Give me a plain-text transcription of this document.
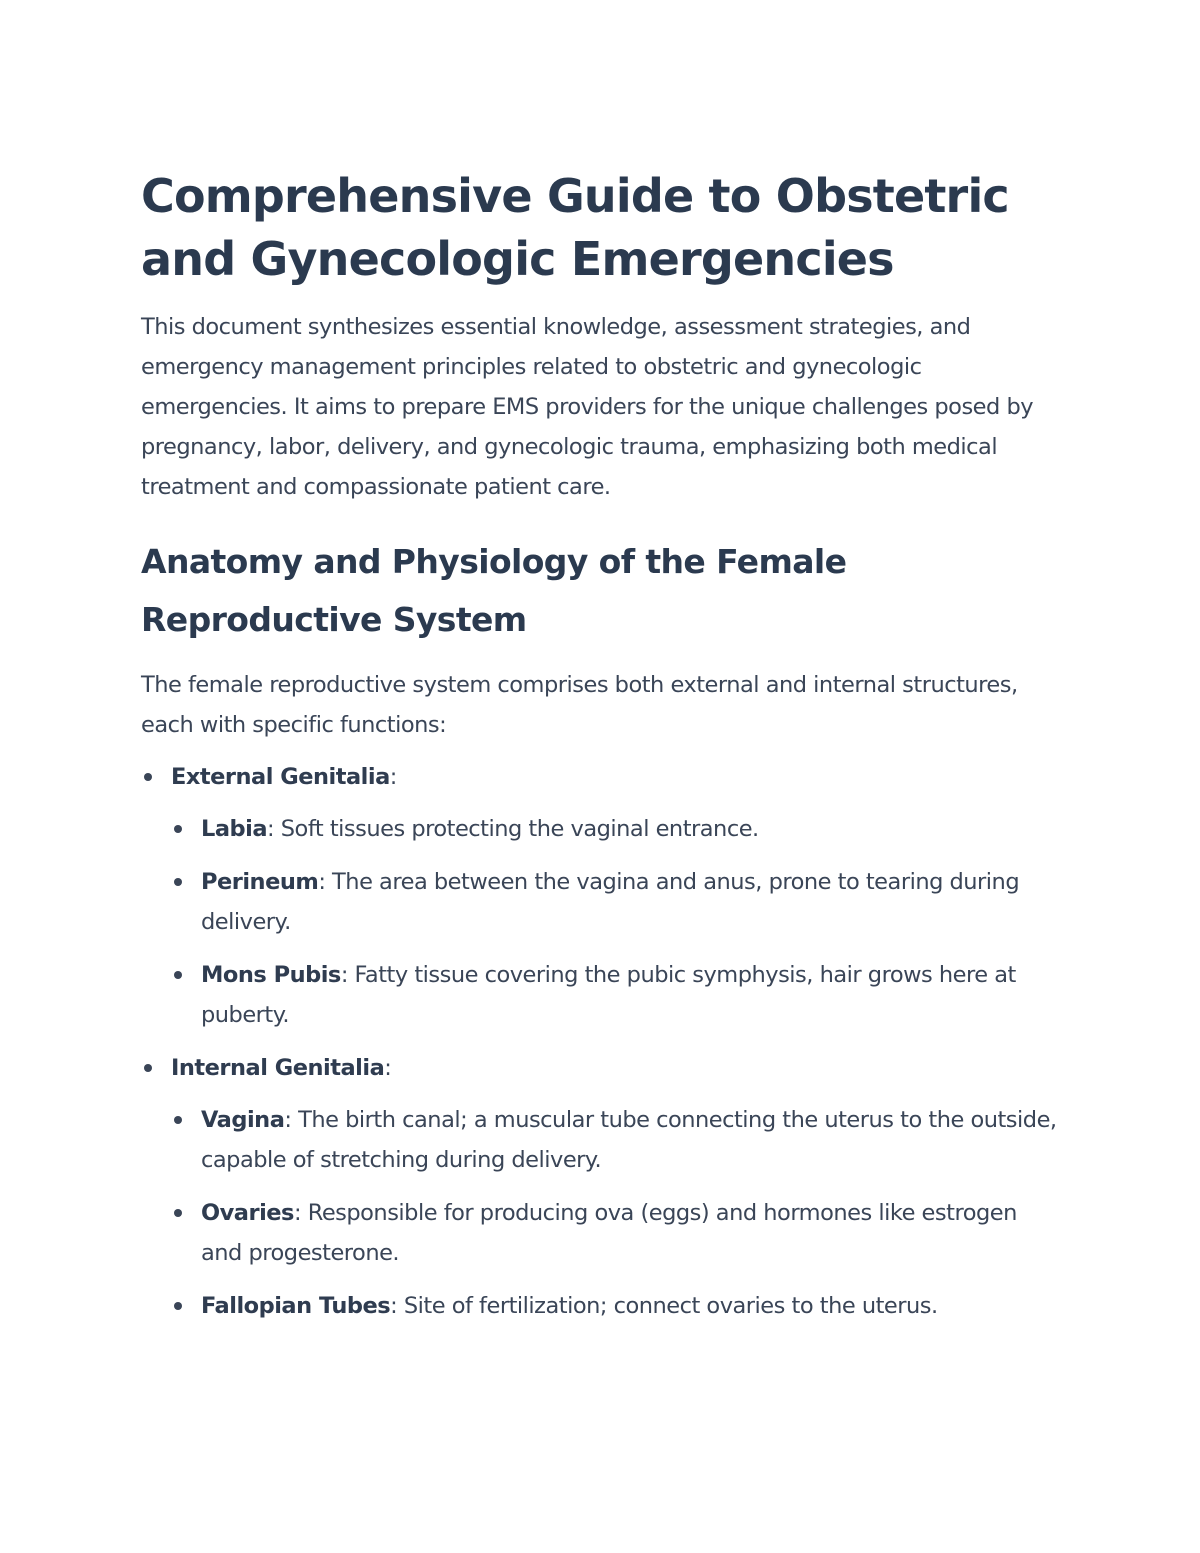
Comprehensive Guide to Obstetric and Gynecologic Emergencies

This document synthesizes essential knowledge, assessment strategies, and emergency management principles related to obstetric and gynecologic emergencies. It aims to prepare EMS providers for the unique challenges posed by pregnancy, labor, delivery, and gynecologic trauma, emphasizing both medical treatment and compassionate patient care.

Anatomy and Physiology of the Female Reproductive System

The female reproductive system comprises both external and internal structures, each with specific functions:

External Genitalia:
Labia: Soft tissues protecting the vaginal entrance.
Perineum: The area between the vagina and anus, prone to tearing during delivery.
Mons Pubis: Fatty tissue covering the pubic symphysis, hair grows here at puberty.
Internal Genitalia:
Vagina: The birth canal; a muscular tube connecting the uterus to the outside, capable of stretching during delivery.
Ovaries: Responsible for producing ova (eggs) and hormones like estrogen and progesterone.
Fallopian Tubes: Site of fertilization; connect ovaries to the uterus.
